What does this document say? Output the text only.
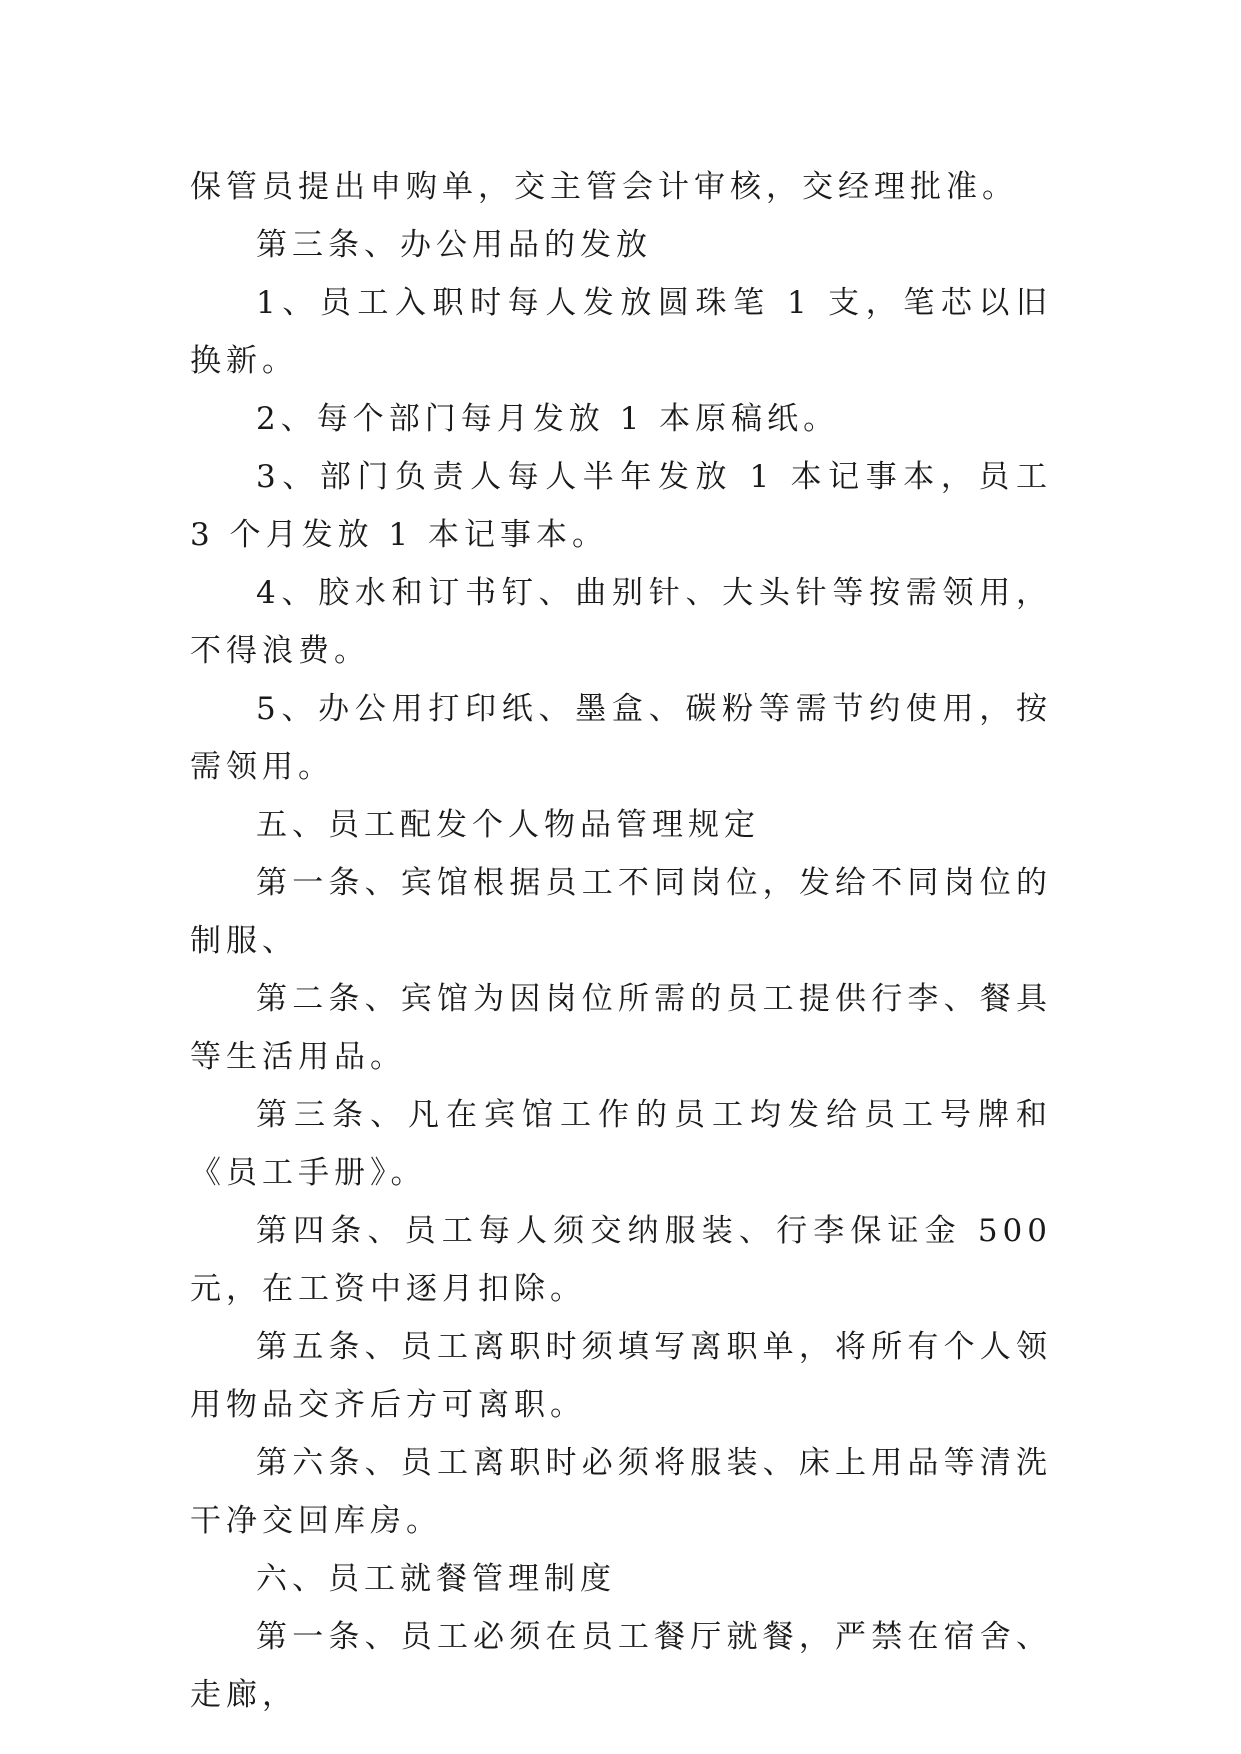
保管员提出申购单，交主管会计审核，交经理批准。

第三条、办公用品的发放

1、员工入职时每人发放圆珠笔 1 支，笔芯以旧换新。

2、每个部门每月发放 1 本原稿纸。

3、部门负责人每人半年发放 1 本记事本，员工 3 个月发放 1 本记事本。

4、胶水和订书钉、曲别针、大头针等按需领用，不得浪费。

5、办公用打印纸、墨盒、碳粉等需节约使用，按需领用。

五、员工配发个人物品管理规定

第一条、宾馆根据员工不同岗位，发给不同岗位的制服、

第二条、宾馆为因岗位所需的员工提供行李、餐具等生活用品。

第三条、凡在宾馆工作的员工均发给员工号牌和《员工手册》。

第四条、员工每人须交纳服装、行李保证金 500 元，在工资中逐月扣除。

第五条、员工离职时须填写离职单，将所有个人领用物品交齐后方可离职。

第六条、员工离职时必须将服装、床上用品等清洗干净交回库房。

六、员工就餐管理制度

第一条、员工必须在员工餐厅就餐，严禁在宿舍、走廊，
